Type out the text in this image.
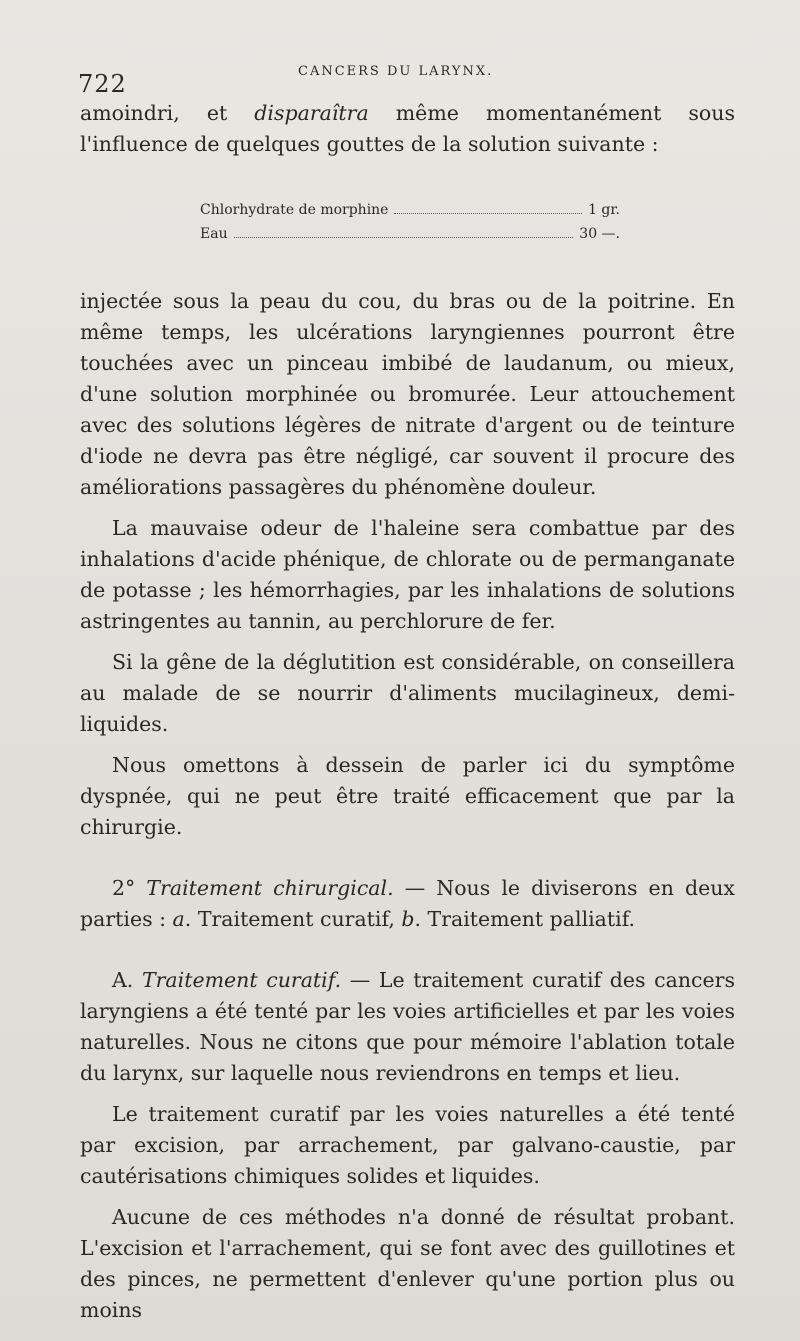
722	CANCERS DU LARYNX.

amoindri, et disparaîtra même momentanément sous l'influence de quelques gouttes de la solution suivante :

Chlorhydrate de morphine	1 gr.
Eau	30 —.

injectée sous la peau du cou, du bras ou de la poitrine. En même temps, les ulcérations laryngiennes pourront être touchées avec un pinceau imbibé de laudanum, ou mieux, d'une solution morphinée ou bromurée. Leur attouchement avec des solutions légères de nitrate d'argent ou de teinture d'iode ne devra pas être négligé, car souvent il procure des améliorations passagères du phénomène douleur.

La mauvaise odeur de l'haleine sera combattue par des inhalations d'acide phénique, de chlorate ou de permanganate de potasse ; les hémorrhagies, par les inhalations de solutions astringentes au tannin, au perchlorure de fer.

Si la gêne de la déglutition est considérable, on conseillera au malade de se nourrir d'aliments mucilagineux, demi-liquides.

Nous omettons à dessein de parler ici du symptôme dyspnée, qui ne peut être traité efficacement que par la chirurgie.

2° Traitement chirurgical. — Nous le diviserons en deux parties : a. Traitement curatif, b. Traitement palliatif.

A. Traitement curatif. — Le traitement curatif des cancers laryngiens a été tenté par les voies artificielles et par les voies naturelles. Nous ne citons que pour mémoire l'ablation totale du larynx, sur laquelle nous reviendrons en temps et lieu.

Le traitement curatif par les voies naturelles a été tenté par excision, par arrachement, par galvano-caustie, par cautérisations chimiques solides et liquides.

Aucune de ces méthodes n'a donné de résultat probant. L'excision et l'arrachement, qui se font avec des guillotines et des pinces, ne permettent d'enlever qu'une portion plus ou moins
